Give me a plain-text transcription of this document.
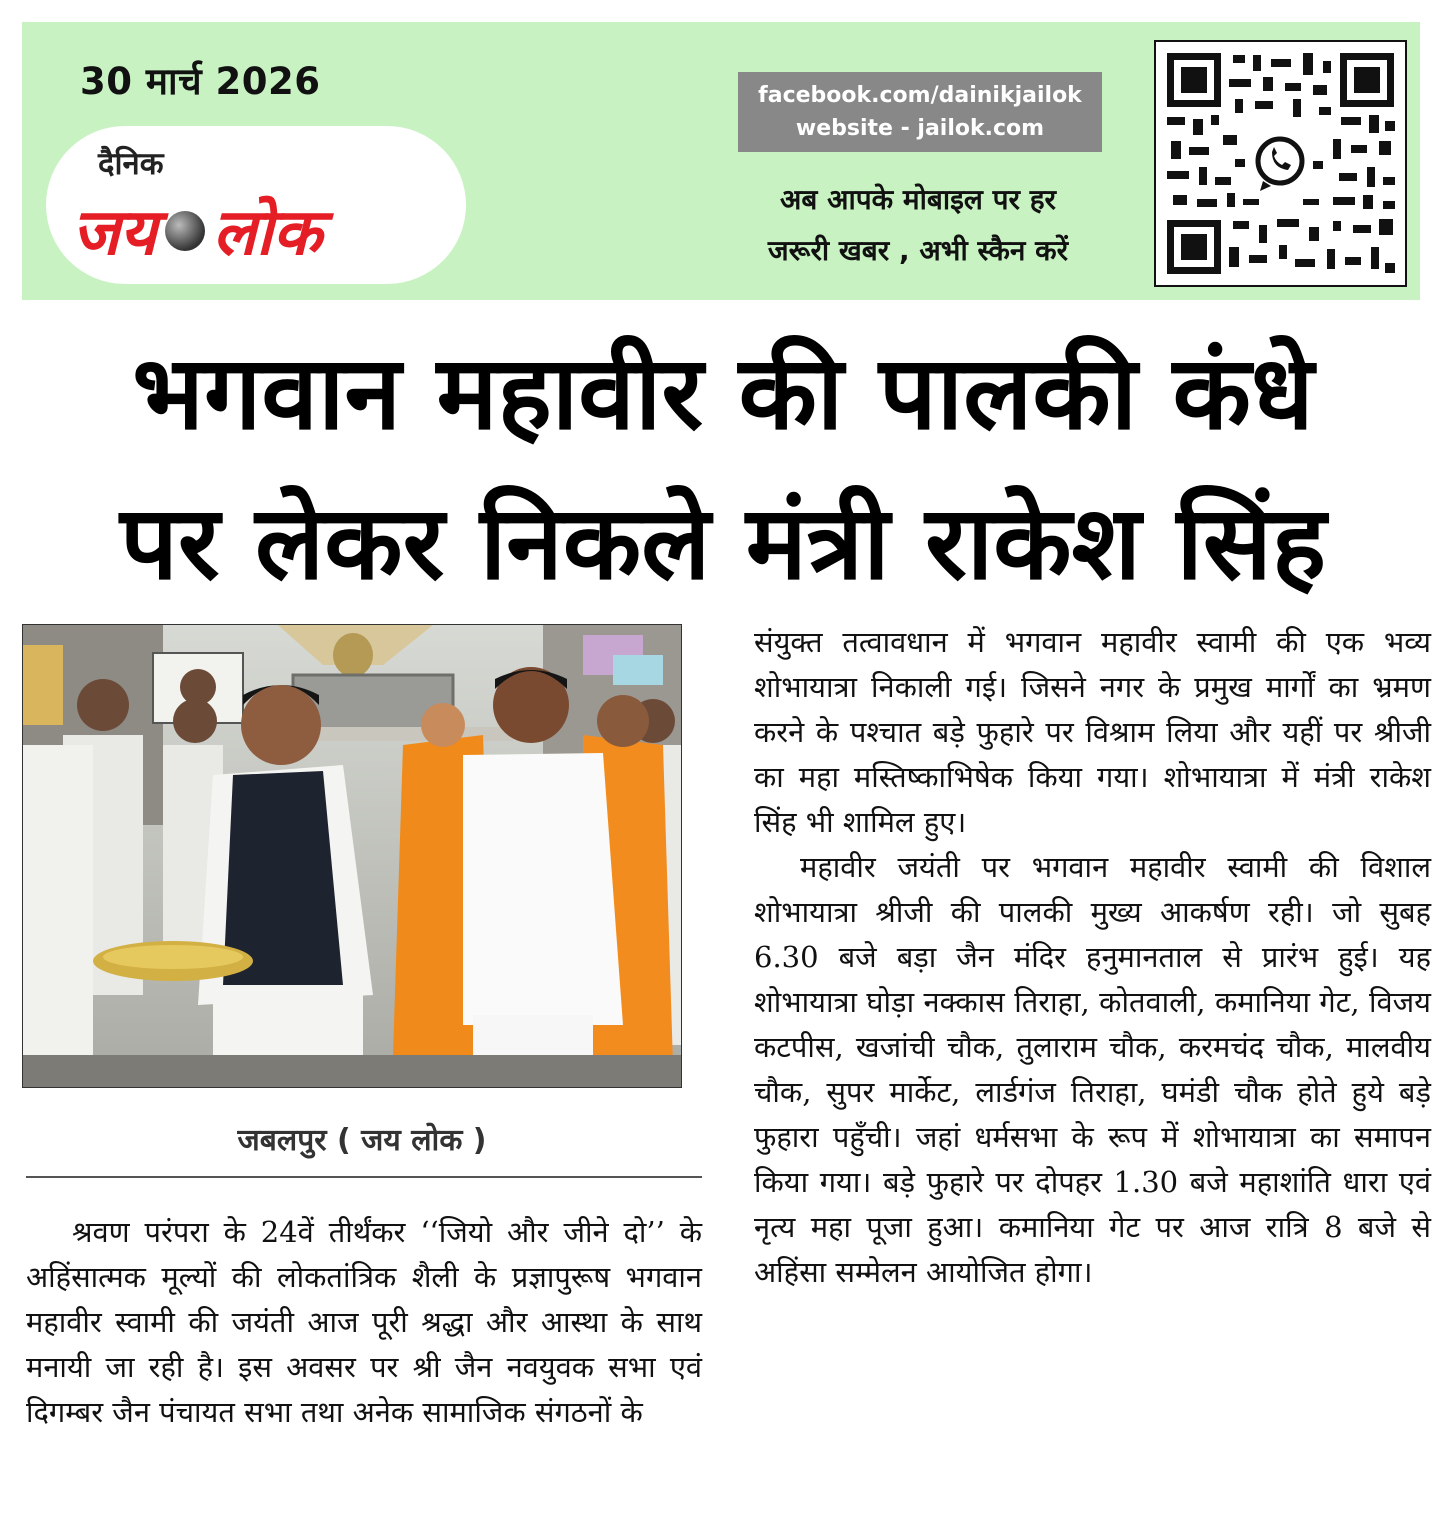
30 मार्च 2026
दैनिक
जय लोक
facebook.com/dainikjailok
website - jailok.com
अब आपके मोबाइल पर हर
जरूरी खबर , अभी स्कैन करें
भगवान महावीर की पालकी कंधे
पर लेकर निकले मंत्री राकेश सिंह
जबलपुर ( जय लोक )

श्रवण परंपरा के 24वें तीर्थंकर ‘‘जियो और जीने दो’’ के अहिंसात्मक मूल्यों की लोकतांत्रिक शैली के प्रज्ञापुरूष भगवान महावीर स्वामी की जयंती आज पूरी श्रद्धा और आस्था के साथ मनायी जा रही है। इस अवसर पर श्री जैन नवयुवक सभा एवं दिगम्बर जैन पंचायत सभा तथा अनेक सामाजिक संगठनों के

संयुक्त तत्वावधान में भगवान महावीर स्वामी की एक भव्य शोभायात्रा निकाली गई। जिसने नगर के प्रमुख मार्गों का भ्रमण करने के पश्चात बड़े फुहारे पर विश्राम लिया और यहीं पर श्रीजी का महा मस्तिष्काभिषेक किया गया। शोभायात्रा में मंत्री राकेश सिंह भी शामिल हुए।

महावीर जयंती पर भगवान महावीर स्वामी की विशाल शोभायात्रा श्रीजी की पालकी मुख्य आकर्षण रही। जो सुबह 6.30 बजे बड़ा जैन मंदिर हनुमानताल से प्रारंभ हुई। यह शोभायात्रा घोड़ा नक्कास तिराहा, कोतवाली, कमानिया गेट, विजय कटपीस, खजांची चौक, तुलाराम चौक, करमचंद चौक, मालवीय चौक, सुपर मार्केट, लार्डगंज तिराहा, घमंडी चौक होते हुये बड़े फुहारा पहुँची। जहां धर्मसभा के रूप में शोभायात्रा का समापन किया गया। बड़े फुहारे पर दोपहर 1.30 बजे महाशांति धारा एवं नृत्य महा पूजा हुआ। कमानिया गेट पर आज रात्रि 8 बजे से अहिंसा सम्मेलन आयोजित होगा।
